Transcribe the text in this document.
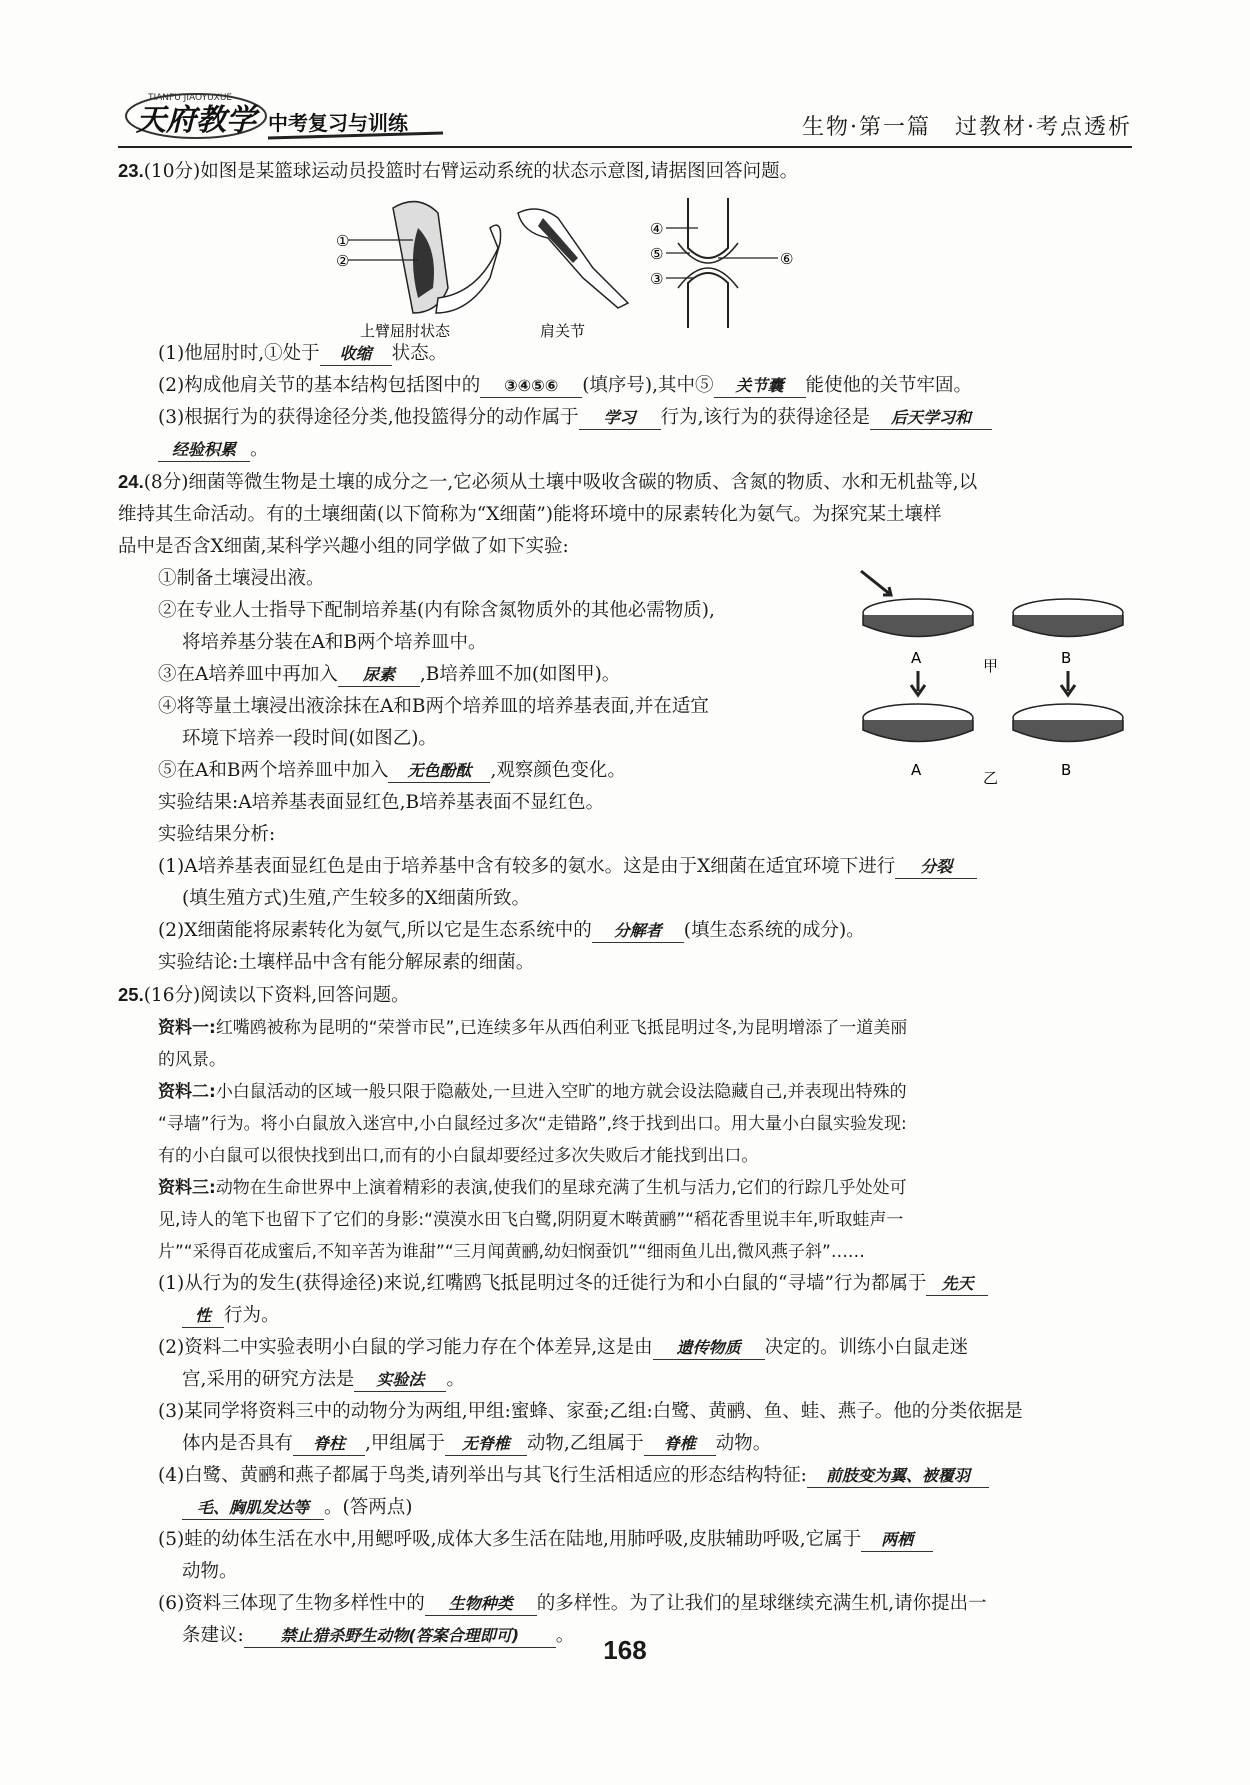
TIANFU JIAOYUXUE
天府教学 中考复习与训练	生物·第一篇　过教材·考点透析

23.(10分)如图是某篮球运动员投篮时右臂运动系统的状态示意图,请据图回答问题。

①
②
上臂屈肘状态	肩关节
④
⑤
③
⑥

(1)他屈肘时,①处于 收缩 状态。

(2)构成他肩关节的基本结构包括图中的 ③④⑤⑥ (填序号),其中⑤ 关节囊 能使他的关节牢固。

(3)根据行为的获得途径分类,他投篮得分的动作属于 学习 行为,该行为的获得途径是 后天学习和

经验积累 。

24.(8分)细菌等微生物是土壤的成分之一,它必须从土壤中吸收含碳的物质、含氮的物质、水和无机盐等,以

维持其生命活动。有的土壤细菌(以下简称为“X细菌”)能将环境中的尿素转化为氨气。为探究某土壤样

品中是否含X细菌,某科学兴趣小组的同学做了如下实验:

A	B
甲
A	B
乙

①制备土壤浸出液。

②在专业人士指导下配制培养基(内有除含氮物质外的其他必需物质),

将培养基分装在A和B两个培养皿中。

③在A培养皿中再加入 尿素 ,B培养皿不加(如图甲)。

④将等量土壤浸出液涂抹在A和B两个培养皿的培养基表面,并在适宜

环境下培养一段时间(如图乙)。

⑤在A和B两个培养皿中加入 无色酚酞 ,观察颜色变化。

实验结果:A培养基表面显红色,B培养基表面不显红色。

实验结果分析:

(1)A培养基表面显红色是由于培养基中含有较多的氨水。这是由于X细菌在适宜环境下进行 分裂

(填生殖方式)生殖,产生较多的X细菌所致。

(2)X细菌能将尿素转化为氨气,所以它是生态系统中的 分解者 (填生态系统的成分)。

实验结论:土壤样品中含有能分解尿素的细菌。

25.(16分)阅读以下资料,回答问题。

资料一:红嘴鸥被称为昆明的“荣誉市民”,已连续多年从西伯利亚飞抵昆明过冬,为昆明增添了一道美丽

的风景。

资料二:小白鼠活动的区域一般只限于隐蔽处,一旦进入空旷的地方就会设法隐藏自己,并表现出特殊的

“寻墙”行为。将小白鼠放入迷宫中,小白鼠经过多次“走错路”,终于找到出口。用大量小白鼠实验发现:

有的小白鼠可以很快找到出口,而有的小白鼠却要经过多次失败后才能找到出口。

资料三:动物在生命世界中上演着精彩的表演,使我们的星球充满了生机与活力,它们的行踪几乎处处可

见,诗人的笔下也留下了它们的身影:“漠漠水田飞白鹭,阴阴夏木啭黄鹂”“稻花香里说丰年,听取蛙声一

片”“采得百花成蜜后,不知辛苦为谁甜”“三月闻黄鹂,幼妇悯蚕饥”“细雨鱼儿出,微风燕子斜”……

(1)从行为的发生(获得途径)来说,红嘴鸥飞抵昆明过冬的迁徙行为和小白鼠的“寻墙”行为都属于 先天

性 行为。

(2)资料二中实验表明小白鼠的学习能力存在个体差异,这是由 遗传物质 决定的。训练小白鼠走迷

宫,采用的研究方法是 实验法 。

(3)某同学将资料三中的动物分为两组,甲组:蜜蜂、家蚕;乙组:白鹭、黄鹂、鱼、蛙、燕子。他的分类依据是

体内是否具有 脊柱 ,甲组属于 无脊椎 动物,乙组属于 脊椎 动物。

(4)白鹭、黄鹂和燕子都属于鸟类,请列举出与其飞行生活相适应的形态结构特征: 前肢变为翼、被覆羽

毛、胸肌发达等 。(答两点)

(5)蛙的幼体生活在水中,用鳃呼吸,成体大多生活在陆地,用肺呼吸,皮肤辅助呼吸,它属于 两栖

动物。

(6)资料三体现了生物多样性中的 生物种类 的多样性。为了让我们的星球继续充满生机,请你提出一

条建议: 禁止猎杀野生动物(答案合理即可) 。	168
